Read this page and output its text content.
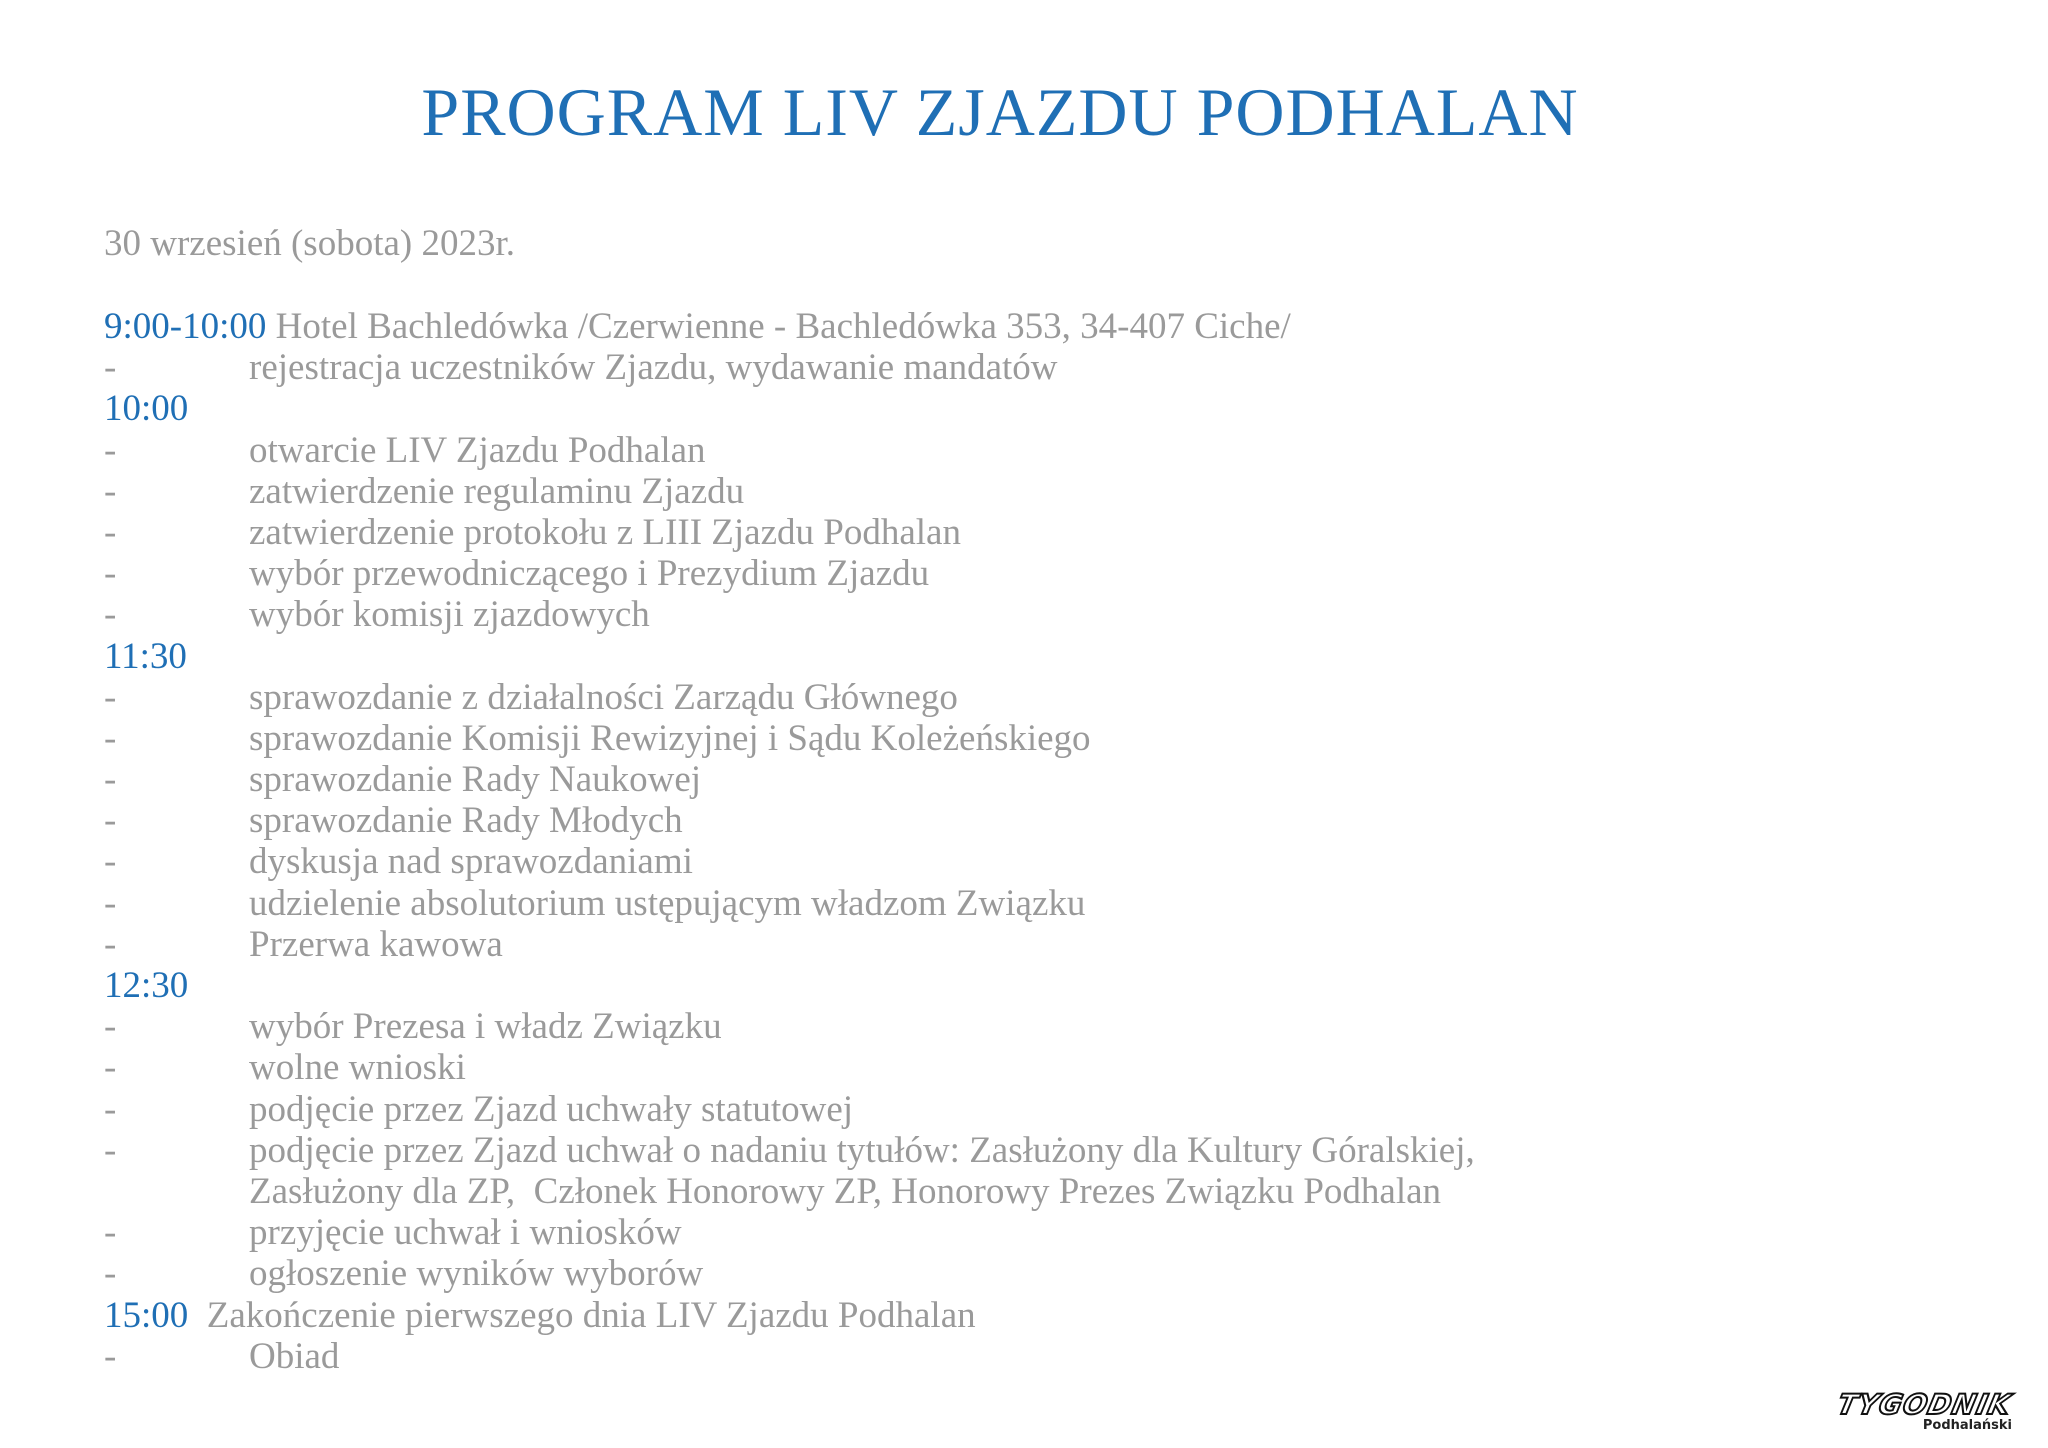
PROGRAM LIV ZJAZDU PODHALAN
30 wrzesień (sobota) 2023r.
9:00-10:00 Hotel Bachledówka /Czerwienne - Bachledówka 353, 34-407 Ciche/
-	rejestracja uczestników Zjazdu, wydawanie mandatów
10:00
-	otwarcie LIV Zjazdu Podhalan
-	zatwierdzenie regulaminu Zjazdu
-	zatwierdzenie protokołu z LIII Zjazdu Podhalan
-	wybór przewodniczącego i Prezydium Zjazdu
-	wybór komisji zjazdowych
11:30
-	sprawozdanie z działalności Zarządu Głównego
-	sprawozdanie Komisji Rewizyjnej i Sądu Koleżeńskiego
-	sprawozdanie Rady Naukowej
-	sprawozdanie Rady Młodych
-	dyskusja nad sprawozdaniami
-	udzielenie absolutorium ustępującym władzom Związku
-	Przerwa kawowa
12:30
-	wybór Prezesa i władz Związku
-	wolne wnioski
-	podjęcie przez Zjazd uchwały statutowej
-	podjęcie przez Zjazd uchwał o nadaniu tytułów: Zasłużony dla Kultury Góralskiej,
Zasłużony dla ZP,  Członek Honorowy ZP, Honorowy Prezes Związku Podhalan
-	przyjęcie uchwał i wniosków
-	ogłoszenie wyników wyborów
15:00  Zakończenie pierwszego dnia LIV Zjazdu Podhalan
-	Obiad
TYGODNIK
Podhalański
